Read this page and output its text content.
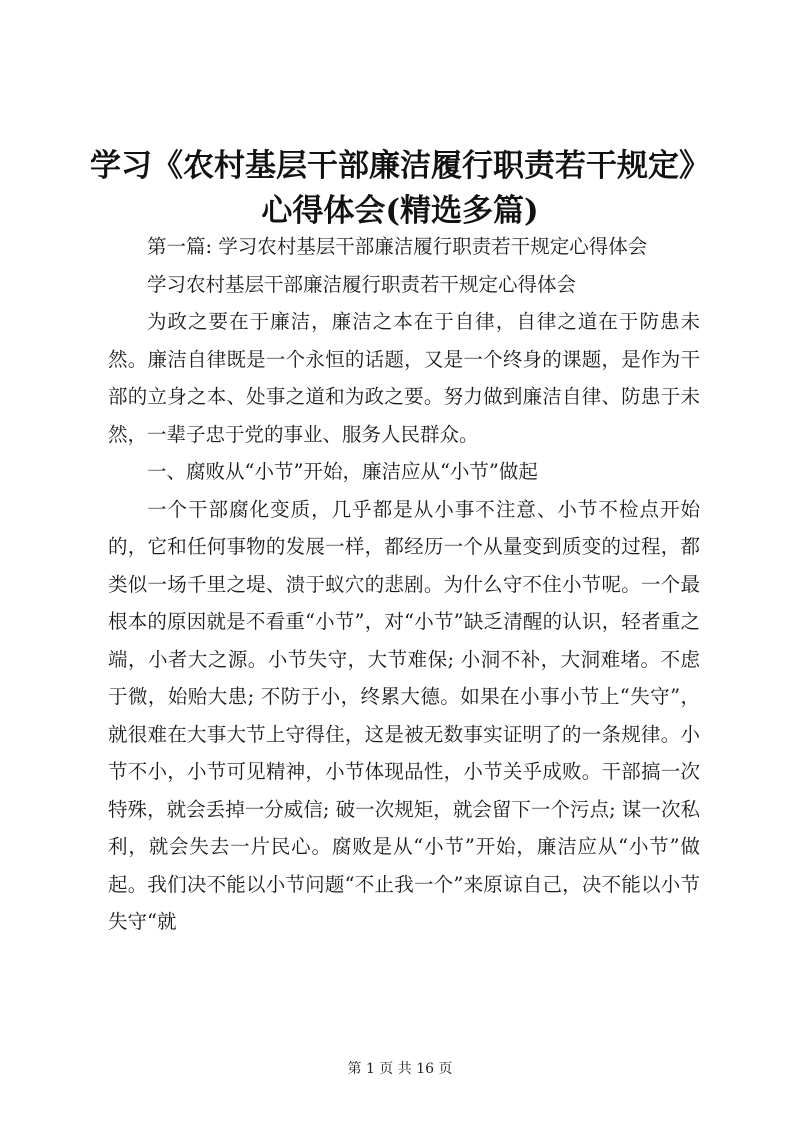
学习《农村基层干部廉洁履行职责若干规定》
心得体会(精选多篇)

第一篇: 学习农村基层干部廉洁履行职责若干规定心得体会

学习农村基层干部廉洁履行职责若干规定心得体会

为政之要在于廉洁，廉洁之本在于自律，自律之道在于防患未然。廉洁自律既是一个永恒的话题，又是一个终身的课题，是作为干部的立身之本、处事之道和为政之要。努力做到廉洁自律、防患于未然，一辈子忠于党的事业、服务人民群众。

一、腐败从“小节”开始，廉洁应从“小节”做起

一个干部腐化变质，几乎都是从小事不注意、小节不检点开始的，它和任何事物的发展一样，都经历一个从量变到质变的过程，都类似一场千里之堤、溃于蚁穴的悲剧。为什么守不住小节呢。一个最根本的原因就是不看重“小节”，对“小节”缺乏清醒的认识，轻者重之端，小者大之源。小节失守，大节难保; 小洞不补，大洞难堵。不虑于微，始贻大患; 不防于小，终累大德。如果在小事小节上“失守”，就很难在大事大节上守得住，这是被无数事实证明了的一条规律。小节不小，小节可见精神，小节体现品性，小节关乎成败。干部搞一次特殊，就会丢掉一分威信; 破一次规矩，就会留下一个污点; 谋一次私利，就会失去一片民心。腐败是从“小节”开始，廉洁应从“小节”做起。我们决不能以小节问题“不止我一个”来原谅自己，决不能以小节失守“就

第 1 页 共 16 页
